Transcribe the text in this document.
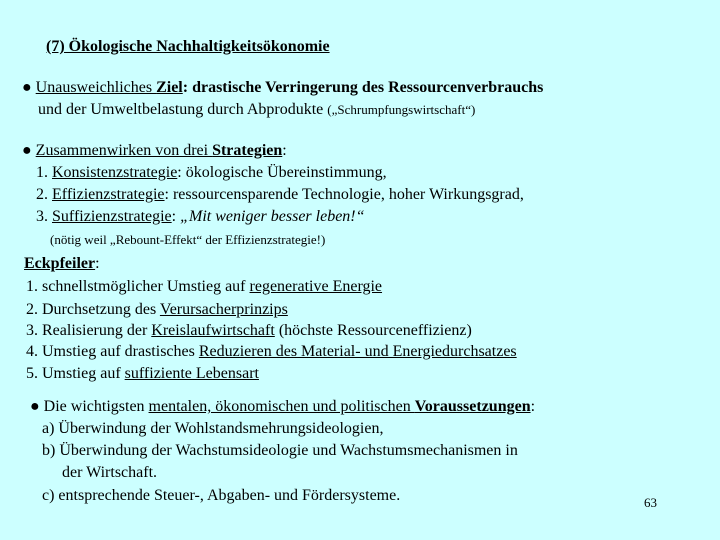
(7) Ökologische Nachhaltigkeitsökonomie
● Unausweichliches Ziel: drastische Verringerung des Ressourcenverbrauchs
und der Umweltbelastung durch Abprodukte („Schrumpfungswirtschaft“)
● Zusammenwirken von drei Strategien:
1. Konsistenzstrategie: ökologische Übereinstimmung,
2. Effizienzstrategie: ressourcensparende Technologie, hoher Wirkungsgrad,
3. Suffizienzstrategie: „Mit weniger besser leben!“
(nötig weil „Rebount-Effekt“ der Effizienzstrategie!)
Eckpfeiler:
1. schnellstmöglicher Umstieg auf regenerative Energie
2. Durchsetzung des Verursacherprinzips
3. Realisierung der Kreislaufwirtschaft (höchste Ressourceneffizienz)
4. Umstieg auf drastisches Reduzieren des Material- und Energiedurchsatzes
5. Umstieg auf suffiziente Lebensart
● Die wichtigsten mentalen, ökonomischen und politischen Voraussetzungen:
a) Überwindung der Wohlstandsmehrungsideologien,
b) Überwindung der Wachstumsideologie und Wachstumsmechanismen in
der Wirtschaft.
c) entsprechende Steuer-, Abgaben- und Fördersysteme.	63
